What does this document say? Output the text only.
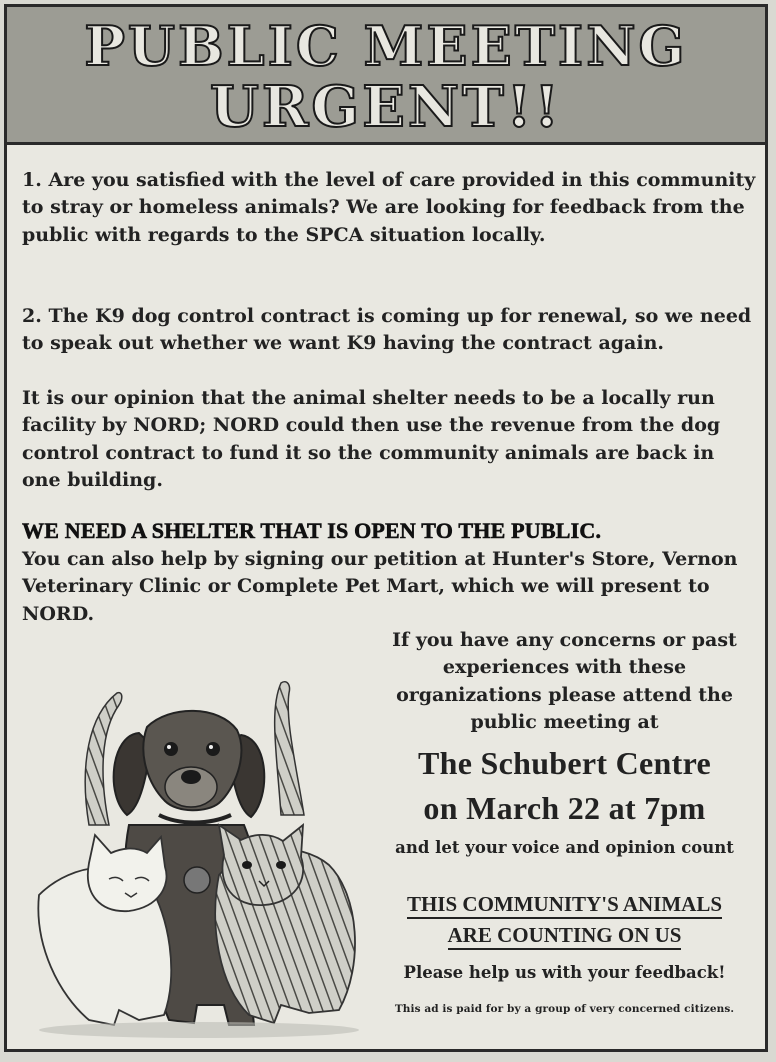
PUBLIC MEETING
URGENT!!

1. Are you satisfied with the level of care provided in this community to stray or homeless animals? We are looking for feedback from the public with regards to the SPCA situation locally.

2. The K9 dog control contract is coming up for renewal, so we need to speak out whether we want K9 having the contract again.

It is our opinion that the animal shelter needs to be a locally run facility by NORD; NORD could then use the revenue from the dog control contract to fund it so the community animals are back in one building.

WE NEED A SHELTER THAT IS OPEN TO THE PUBLIC.

You can also help by signing our petition at Hunter's Store, Vernon Veterinary Clinic or Complete Pet Mart, which we will present to NORD.

If you have any concerns or past experiences with these organizations please attend the public meeting at
The Schubert Centre
on March 22 at 7pm
and let your voice and opinion count
THIS COMMUNITY'S ANIMALS
ARE COUNTING ON US
Please help us with your feedback!
This ad is paid for by a group of very concerned citizens.
